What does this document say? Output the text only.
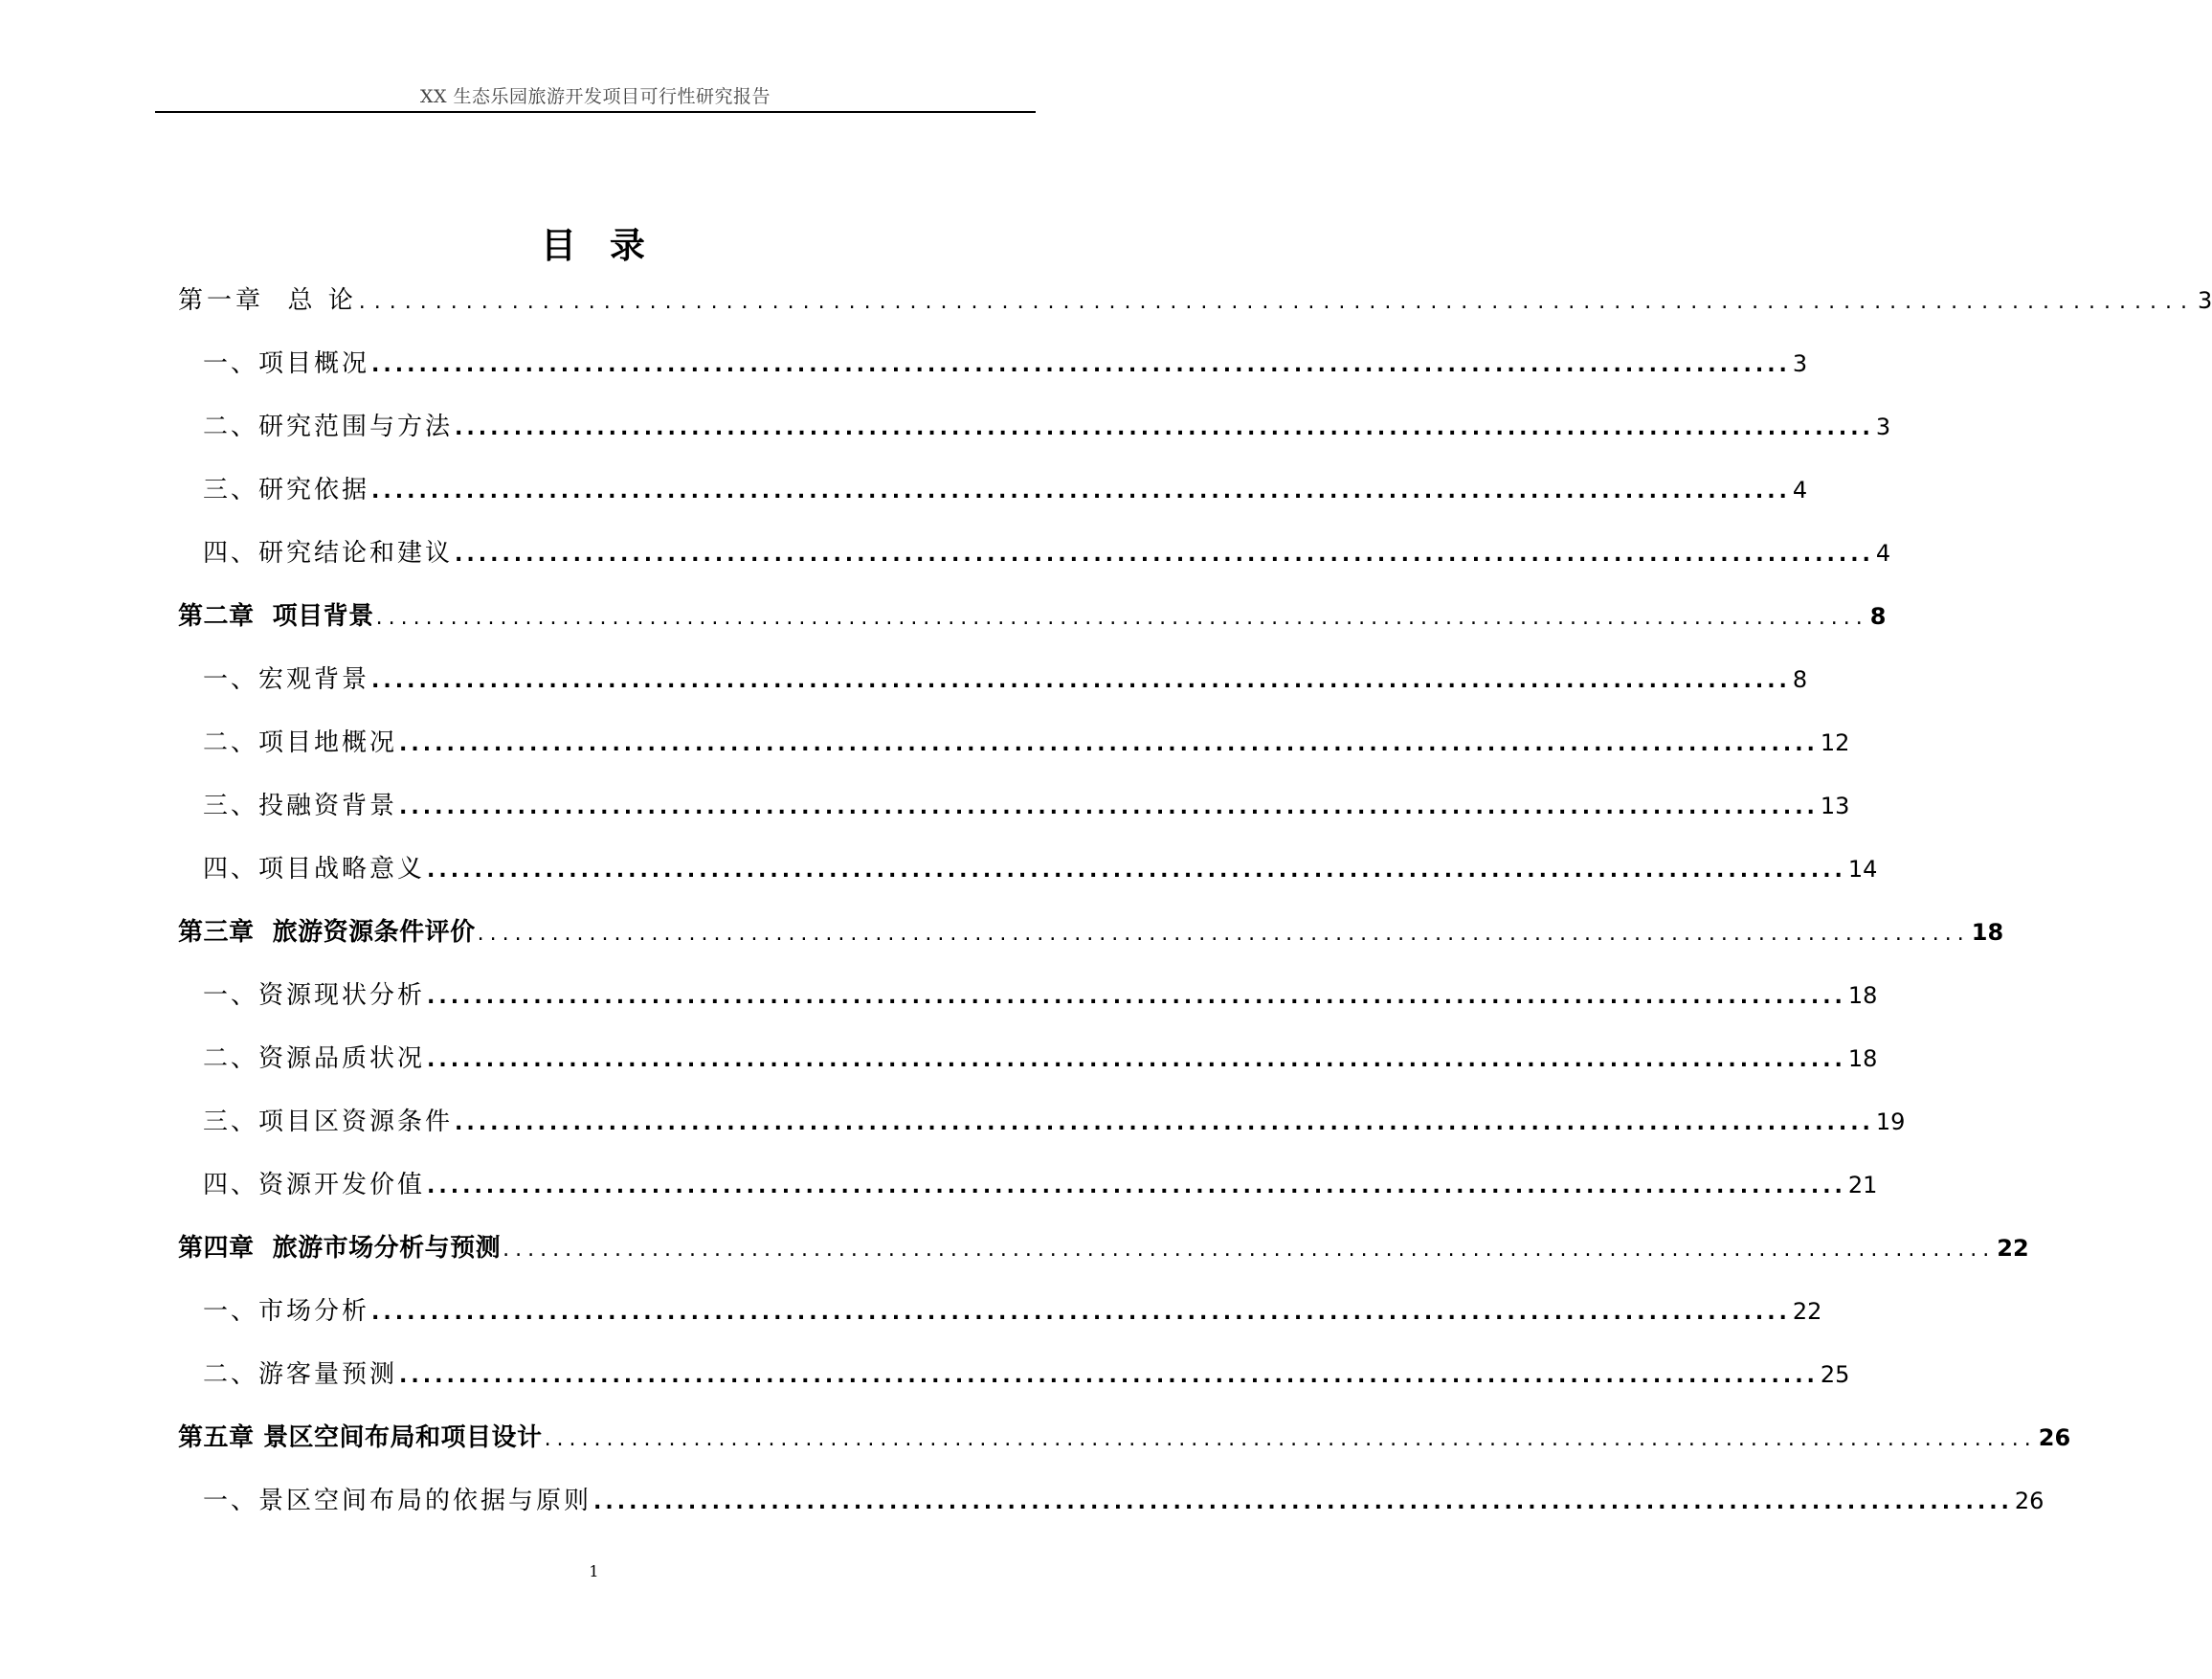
XX 生态乐园旅游开发项目可行性研究报告
目 录
第一章  总 论 ........................................................................................................................ 3
一、项目概况 ........................................................................................................................ 3
二、研究范围与方法 ........................................................................................................................ 3
三、研究依据 ........................................................................................................................ 4
四、研究结论和建议 ........................................................................................................................ 4
第二章  项目背景 ........................................................................................................................ 8
一、宏观背景 ........................................................................................................................ 8
二、项目地概况 ........................................................................................................................ 12
三、投融资背景 ........................................................................................................................ 13
四、项目战略意义 ........................................................................................................................ 14
第三章  旅游资源条件评价 ........................................................................................................................ 18
一、资源现状分析 ........................................................................................................................ 18
二、资源品质状况 ........................................................................................................................ 18
三、项目区资源条件 ........................................................................................................................ 19
四、资源开发价值 ........................................................................................................................ 21
第四章  旅游市场分析与预测 ........................................................................................................................ 22
一、市场分析 ........................................................................................................................ 22
二、游客量预测 ........................................................................................................................ 25
第五章 景区空间布局和项目设计 ........................................................................................................................ 26
一、景区空间布局的依据与原则 ........................................................................................................................ 26
1
